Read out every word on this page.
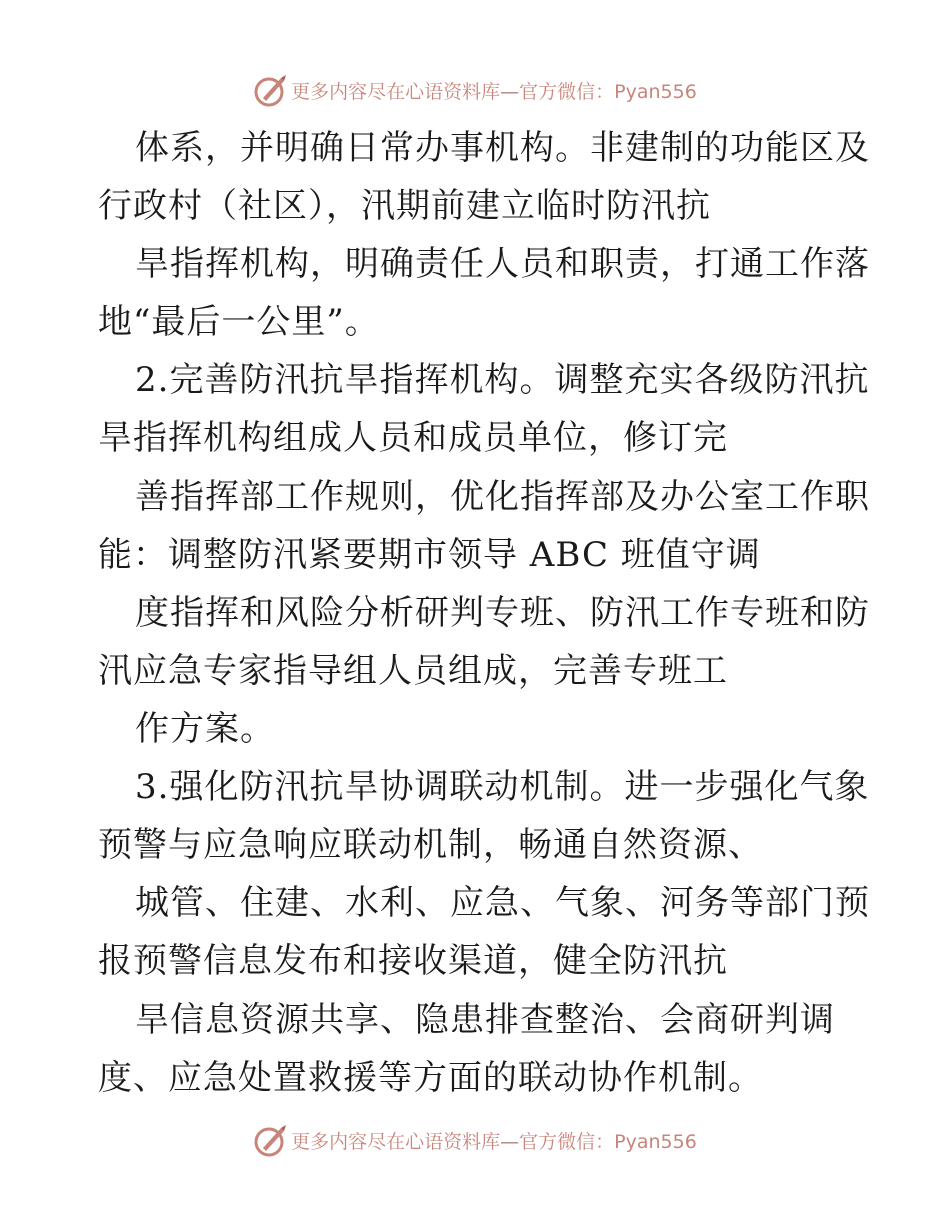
更多内容尽在心语资料库—官方微信：Pyan556
体系，并明确日常办事机构。非建制的功能区及
行政村（社区），汛期前建立临时防汛抗
旱指挥机构，明确责任人员和职责，打通工作落
地“最后一公里”。
2.完善防汛抗旱指挥机构。调整充实各级防汛抗
旱指挥机构组成人员和成员单位，修订完
善指挥部工作规则，优化指挥部及办公室工作职
能：调整防汛紧要期市领导 ABC 班值守调
度指挥和风险分析研判专班、防汛工作专班和防
汛应急专家指导组人员组成，完善专班工
作方案。
3.强化防汛抗旱协调联动机制。进一步强化气象
预警与应急响应联动机制，畅通自然资源、
城管、住建、水利、应急、气象、河务等部门预
报预警信息发布和接收渠道，健全防汛抗
旱信息资源共享、隐患排查整治、会商研判调
度、应急处置救援等方面的联动协作机制。
更多内容尽在心语资料库—官方微信：Pyan556
